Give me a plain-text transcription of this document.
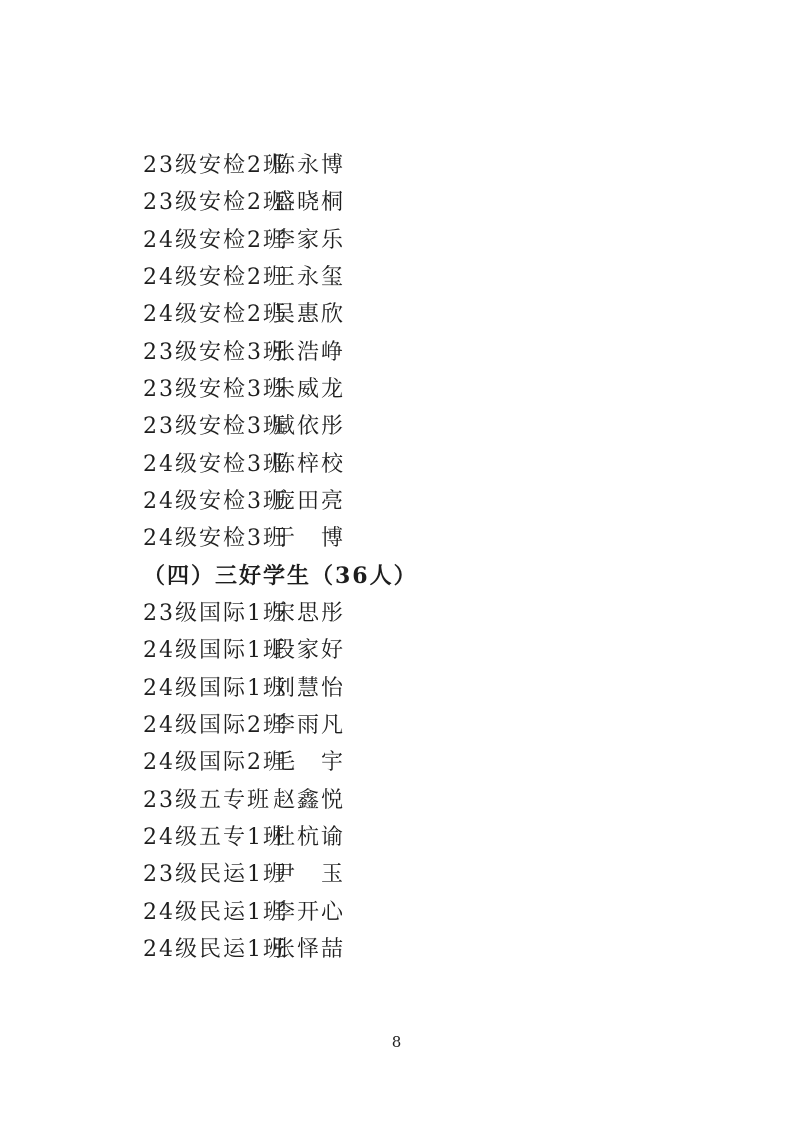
23级安检2班
陈永博
23级安检2班
盛晓桐
24级安检2班
李家乐
24级安检2班
王永玺
24级安检2班
吴惠欣
23级安检3班
张浩峥
23级安检3班
朱威龙
23级安检3班
臧依彤
24级安检3班
陈梓校
24级安检3班
庞田亮
24级安检3班
于　博
（四）三好学生（36人）
23级国际1班
宋思彤
24级国际1班
段家好
24级国际1班
刘慧怡
24级国际2班
李雨凡
24级国际2班
毛　宇
23级五专班 赵鑫悦
24级五专1班
杜杭谕
23级民运1班
尹　玉
24级民运1班
李开心
24级民运1班
张怿喆
8
